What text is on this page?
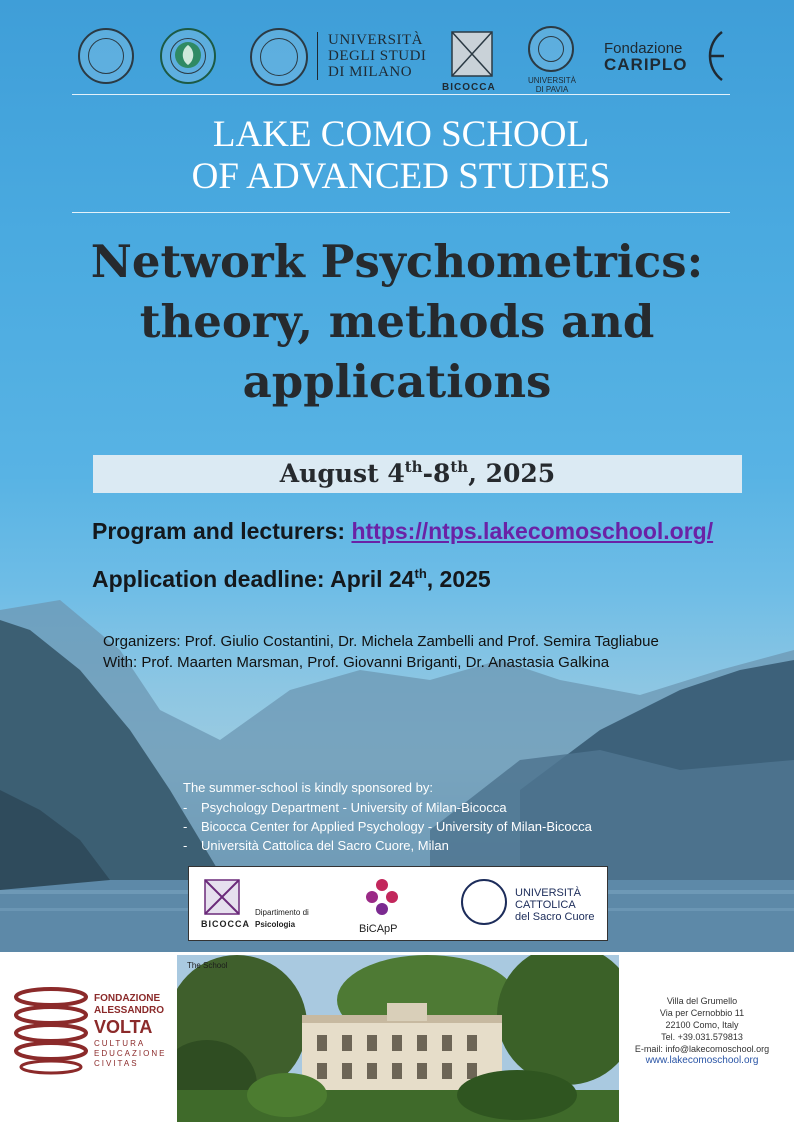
UNIVERSITÀ
DEGLI STUDI
DI MILANO
BICOCCA
UNIVERSITÀ
DI PAVIA
Fondazione
CARIPLO
LAKE COMO SCHOOL
OF ADVANCED STUDIES
Network Psychometrics:
theory, methods and
applications
August 4th-8th, 2025
Program and lecturers: https://ntps.lakecomoschool.org/
Application deadline: April 24th, 2025
Organizers: Prof. Giulio Costantini, Dr. Michela Zambelli and Prof. Semira Tagliabue
With: Prof. Maarten Marsman, Prof. Giovanni Briganti, Dr. Anastasia Galkina
The summer-school is kindly sponsored by:
- Psychology Department - University of Milan-Bicocca
- Bicocca Center for Applied Psychology - University of Milan-Bicocca
- Università Cattolica del Sacro Cuore, Milan
BICOCCA
Dipartimento di
Psicologia	BiCApP
UNIVERSITÀ
CATTOLICA
del Sacro Cuore
FONDAZIONE
ALESSANDRO
VOLTA
CULTURA
EDUCAZIONE
CIVITAS
The School
Villa del Grumello
Via per Cernobbio 11
22100 Como, Italy
Tel. +39.031.579813
E-mail: info@lakecomoschool.org
www.lakecomoschool.org
